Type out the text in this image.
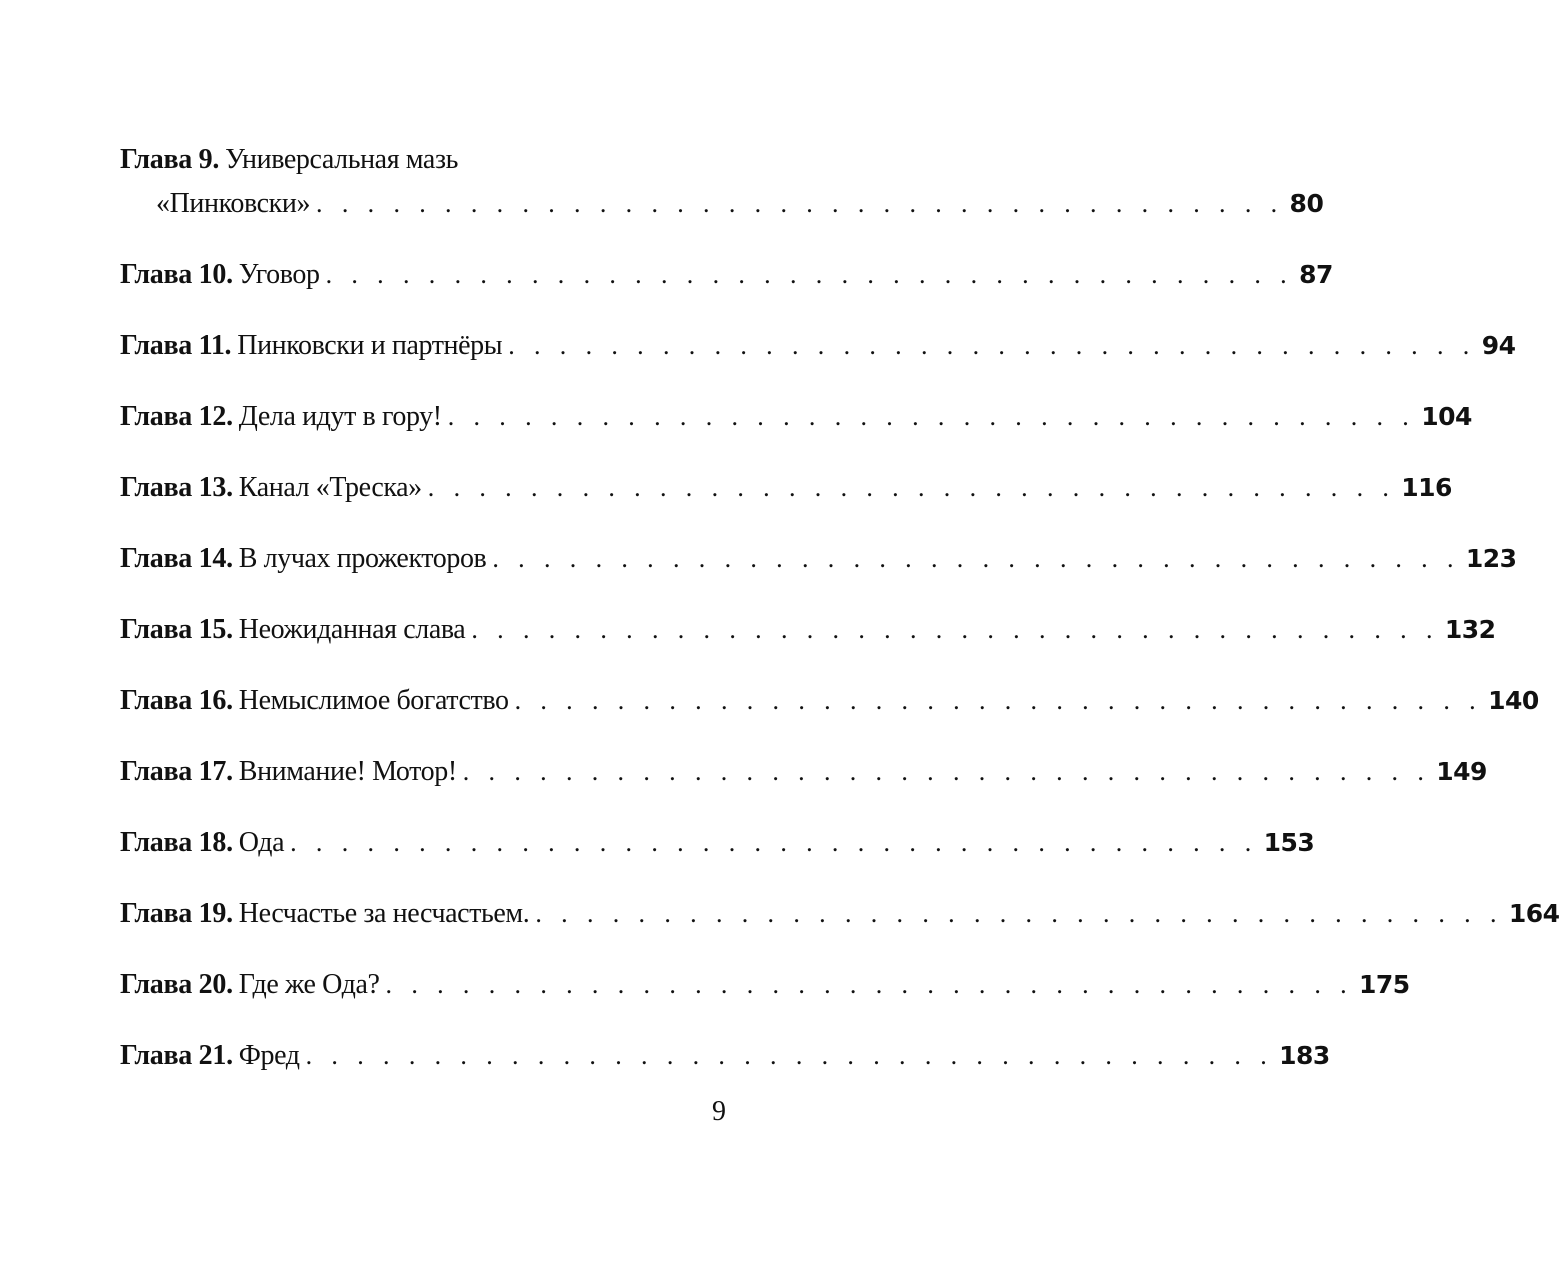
Глава 9. Универсальная мазь
«Пинковски» . . . . . . . . . . . . . . . . . . . . . . . . . . . . . . . . . . . . . . 80
Глава 10. Уговор . . . . . . . . . . . . . . . . . . . . . . . . . . . . . . . . . . . . . . 87
Глава 11. Пинковски и партнёры . . . . . . . . . . . . . . . . . . . . . . . . . . . . . . . . . . . . . . 94
Глава 12. Дела идут в гору! . . . . . . . . . . . . . . . . . . . . . . . . . . . . . . . . . . . . . . 104
Глава 13. Канал «Треска» . . . . . . . . . . . . . . . . . . . . . . . . . . . . . . . . . . . . . . 116
Глава 14. В лучах прожекторов . . . . . . . . . . . . . . . . . . . . . . . . . . . . . . . . . . . . . . 123
Глава 15. Неожиданная слава . . . . . . . . . . . . . . . . . . . . . . . . . . . . . . . . . . . . . . 132
Глава 16. Немыслимое богатство . . . . . . . . . . . . . . . . . . . . . . . . . . . . . . . . . . . . . . 140
Глава 17. Внимание! Мотор! . . . . . . . . . . . . . . . . . . . . . . . . . . . . . . . . . . . . . . 149
Глава 18. Ода . . . . . . . . . . . . . . . . . . . . . . . . . . . . . . . . . . . . . . 153
Глава 19. Несчастье за несчастьем. . . . . . . . . . . . . . . . . . . . . . . . . . . . . . . . . . . . . . . 164
Глава 20. Где же Ода? . . . . . . . . . . . . . . . . . . . . . . . . . . . . . . . . . . . . . . 175
Глава 21. Фред . . . . . . . . . . . . . . . . . . . . . . . . . . . . . . . . . . . . . . 183
9
